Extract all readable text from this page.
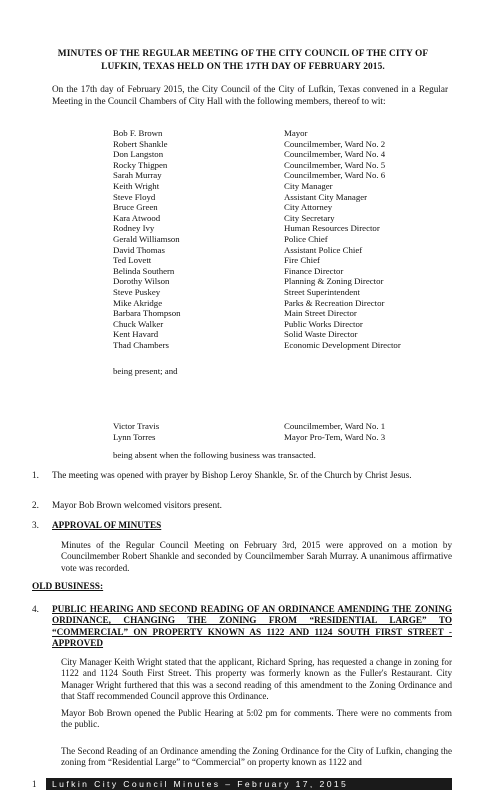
MINUTES OF THE REGULAR MEETING OF THE CITY COUNCIL OF THE CITY OF
LUFKIN, TEXAS HELD ON THE 17TH DAY OF FEBRUARY 2015.
On the 17th day of February 2015, the City Council of the City of Lufkin, Texas convened in a Regular Meeting in the Council Chambers of City Hall with the following members, thereof to wit:
Bob F. Brown	Mayor
Robert Shankle	Councilmember, Ward No. 2
Don Langston	Councilmember, Ward No. 4
Rocky Thigpen	Councilmember, Ward No. 5
Sarah Murray	Councilmember, Ward No. 6
Keith Wright	City Manager
Steve Floyd	Assistant City Manager
Bruce Green	City Attorney
Kara Atwood	City Secretary
Rodney Ivy	Human Resources Director
Gerald Williamson	Police Chief
David Thomas	Assistant Police Chief
Ted Lovett	Fire Chief
Belinda Southern	Finance Director
Dorothy Wilson	Planning & Zoning Director
Steve Puskey	Street Superintendent
Mike Akridge	Parks & Recreation Director
Barbara Thompson	Main Street Director
Chuck Walker	Public Works Director
Kent Havard	Solid Waste Director
Thad Chambers	Economic Development Director
being present; and
Victor Travis	Councilmember, Ward No. 1
Lynn Torres	Mayor Pro-Tem, Ward No. 3
being absent when the following business was transacted.
1.	The meeting was opened with prayer by Bishop Leroy Shankle, Sr. of the Church by Christ Jesus.
2.	Mayor Bob Brown welcomed visitors present.
3.	APPROVAL OF MINUTES
Minutes of the Regular Council Meeting on February 3rd, 2015 were approved on a motion by Councilmember Robert Shankle and seconded by Councilmember Sarah Murray. A unanimous affirmative vote was recorded.
OLD BUSINESS:
4.	PUBLIC HEARING AND SECOND READING OF AN ORDINANCE AMENDING THE ZONING ORDINANCE, CHANGING THE ZONING FROM “RESIDENTIAL LARGE” TO “COMMERCIAL” ON PROPERTY KNOWN AS 1122 AND 1124 SOUTH FIRST STREET - APPROVED
City Manager Keith Wright stated that the applicant, Richard Spring, has requested a change in zoning for 1122 and 1124 South First Street. This property was formerly known as the Fuller's Restaurant. City Manager Wright furthered that this was a second reading of this amendment to the Zoning Ordinance and that Staff recommended Council approve this Ordinance.
Mayor Bob Brown opened the Public Hearing at 5:02 pm for comments. There were no comments from the public.
The Second Reading of an Ordinance amending the Zoning Ordinance for the City of Lufkin, changing the zoning from “Residential Large” to “Commercial” on property known as 1122 and
1	Lufkin City Council Minutes – February 17, 2015
